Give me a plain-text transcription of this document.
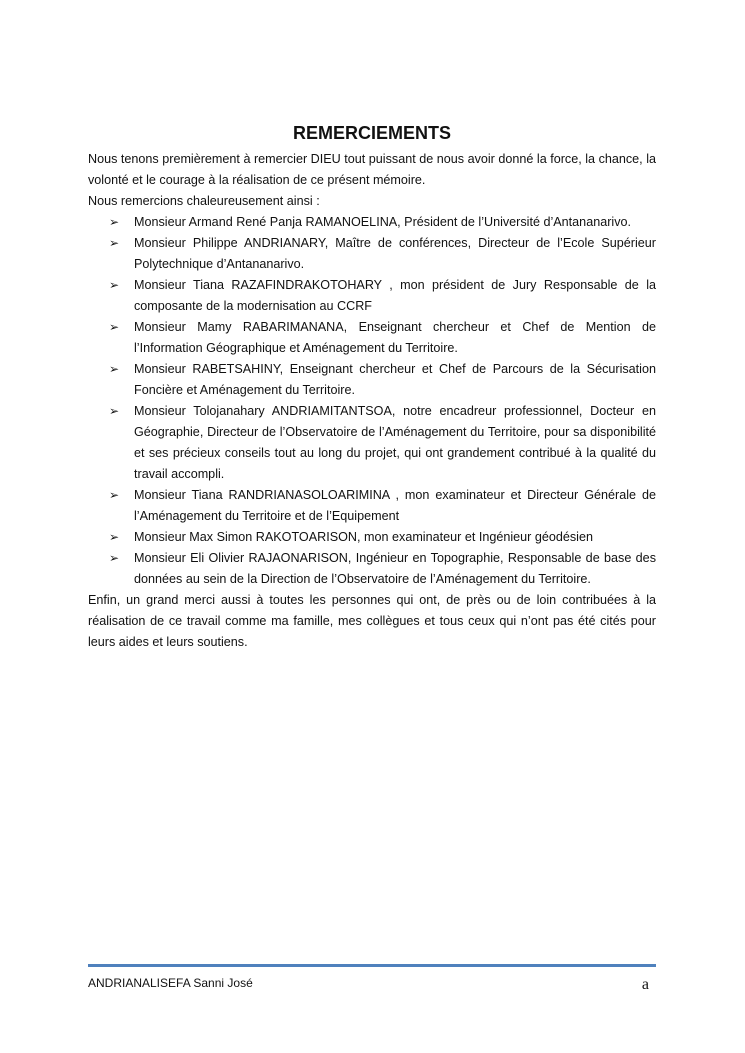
REMERCIEMENTS

Nous tenons premièrement à remercier DIEU tout puissant de nous avoir donné la force, la chance, la volonté et le courage à la réalisation de ce présent mémoire.

Nous remercions chaleureusement ainsi :

➢ Monsieur Armand René Panja RAMANOELINA, Président de l’Université d’Antananarivo.
➢ Monsieur Philippe ANDRIANARY, Maître de conférences, Directeur de l’Ecole Supérieur Polytechnique d’Antananarivo.
➢ Monsieur Tiana RAZAFINDRAKOTOHARY , mon président de Jury Responsable de la composante de la modernisation au CCRF
➢ Monsieur Mamy RABARIMANANA, Enseignant chercheur et Chef de Mention de l’Information Géographique et Aménagement du Territoire.
➢ Monsieur RABETSAHINY, Enseignant chercheur et Chef de Parcours de la Sécurisation Foncière et Aménagement du Territoire.
➢ Monsieur Tolojanahary ANDRIAMITANTSOA, notre encadreur professionnel, Docteur en Géographie, Directeur de l’Observatoire de l’Aménagement du Territoire, pour sa disponibilité et ses précieux conseils tout au long du projet, qui ont grandement contribué à la qualité du travail accompli.
➢ Monsieur Tiana RANDRIANASOLOARIMINA , mon examinateur et Directeur Générale de l’Aménagement du Territoire et de l’Equipement
➢ Monsieur Max Simon RAKOTOARISON, mon examinateur et Ingénieur géodésien
➢ Monsieur Eli Olivier RAJAONARISON, Ingénieur en Topographie, Responsable de base des données au sein de la Direction de l’Observatoire de l’Aménagement du Territoire.

Enfin, un grand merci aussi à toutes les personnes qui ont, de près ou de loin contribuées à la réalisation de ce travail comme ma famille, mes collègues et tous ceux qui n’ont pas été cités pour leurs aides et leurs soutiens.

ANDRIANALISEFA Sanni José	a
